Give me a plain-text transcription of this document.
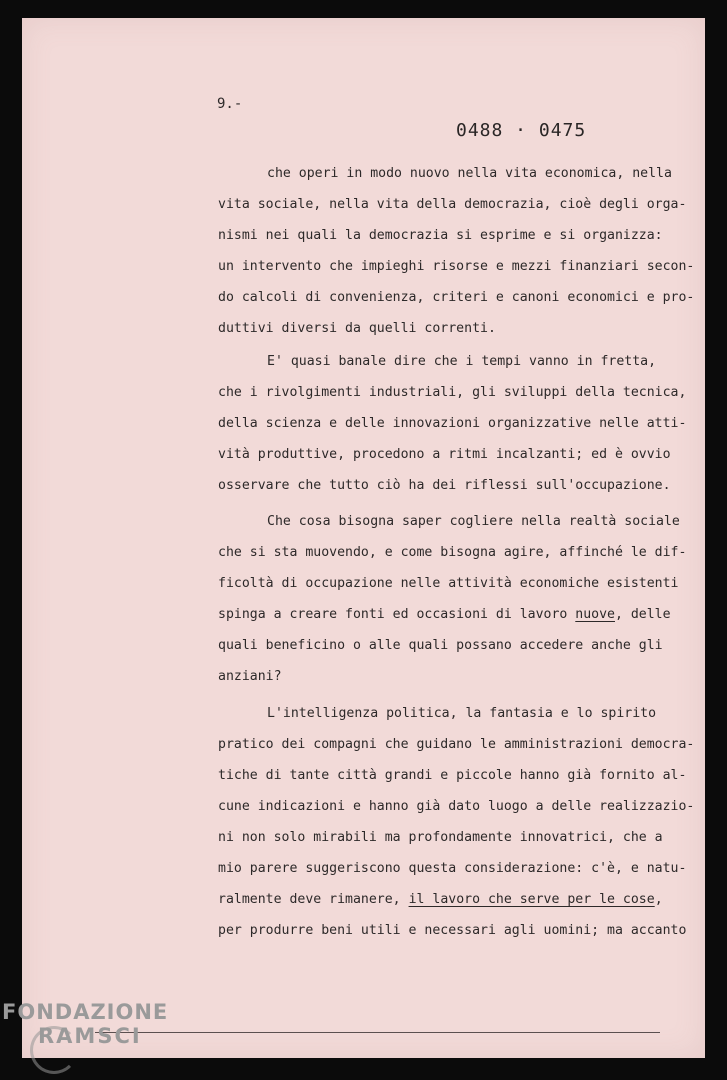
9.-
0488 · 0475

che operi in modo nuovo nella vita economica, nella
vita sociale, nella vita della democrazia, cioè degli orga-
nismi nei quali la democrazia si esprime e si organizza:
un intervento che impieghi risorse e mezzi finanziari secon-
do calcoli di convenienza, criteri e canoni economici e pro-
duttivi diversi da quelli correnti.

E' quasi banale dire che i tempi vanno in fretta,
che i rivolgimenti industriali, gli sviluppi della tecnica,
della scienza e delle innovazioni organizzative nelle atti-
vità produttive, procedono a ritmi incalzanti; ed è ovvio
osservare che tutto ciò ha dei riflessi sull'occupazione.

Che cosa bisogna saper cogliere nella realtà sociale
che si sta muovendo, e come bisogna agire, affinché le dif-
ficoltà di occupazione nelle attività economiche esistenti
spinga a creare fonti ed occasioni di lavoro nuove, delle
quali beneficino o alle quali possano accedere anche gli
anziani?

L'intelligenza politica, la fantasia e lo spirito
pratico dei compagni che guidano le amministrazioni democra-
tiche di tante città grandi e piccole hanno già fornito al-
cune indicazioni e hanno già dato luogo a delle realizzazio-
ni non solo mirabili ma profondamente innovatrici, che a
mio parere suggeriscono questa considerazione: c'è, e natu-
ralmente deve rimanere, il lavoro che serve per le cose,
per produrre beni utili e necessari agli uomini; ma accanto

FONDAZIONE
RAMSCI
